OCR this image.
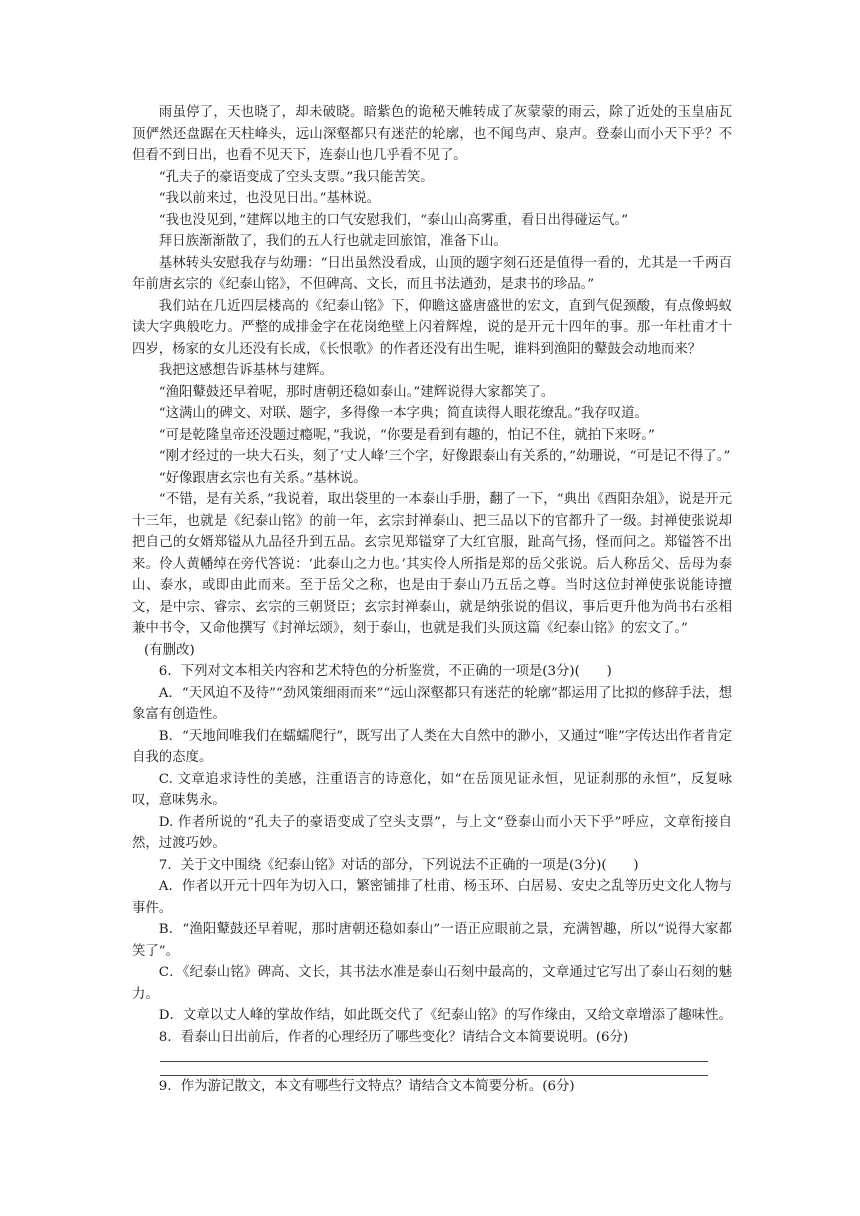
雨虽停了，天也晓了，却未破晓。暗紫色的诡秘天帷转成了灰蒙蒙的雨云，除了近处的玉皇庙瓦顶俨然还盘踞在天柱峰头，远山深壑都只有迷茫的轮廓，也不闻鸟声、泉声。登泰山而小天下乎？不但看不到日出，也看不见天下，连泰山也几乎看不见了。

“孔夫子的豪语变成了空头支票。”我只能苦笑。

“我以前来过，也没见日出。”基林说。

“我也没见到，”建辉以地主的口气安慰我们，“泰山山高雾重，看日出得碰运气。”

拜日族渐渐散了，我们的五人行也就走回旅馆，准备下山。

基林转头安慰我存与幼珊：“日出虽然没看成，山顶的题字刻石还是值得一看的，尤其是一千两百年前唐玄宗的《纪泰山铭》，不但碑高、文长，而且书法遒劲，是隶书的珍品。”

我们站在几近四层楼高的《纪泰山铭》下，仰瞻这盛唐盛世的宏文，直到气促颈酸，有点像蚂蚁读大字典般吃力。严整的成排金字在花岗绝壁上闪着辉煌，说的是开元十四年的事。那一年杜甫才十四岁，杨家的女儿还没有长成，《长恨歌》的作者还没有出生呢，谁料到渔阳的鼙鼓会动地而来？

我把这感想告诉基林与建辉。

“渔阳鼙鼓还早着呢，那时唐朝还稳如泰山。”建辉说得大家都笑了。

“这满山的碑文、对联、题字，多得像一本字典；简直读得人眼花缭乱。”我存叹道。

“可是乾隆皇帝还没题过瘾呢，”我说，“你要是看到有趣的，怕记不住，就拍下来呀。”

“刚才经过的一块大石头，刻了‘丈人峰’三个字，好像跟泰山有关系的，”幼珊说，“可是记不得了。”

“好像跟唐玄宗也有关系。”基林说。

“不错，是有关系，”我说着，取出袋里的一本泰山手册，翻了一下，“典出《酉阳杂俎》，说是开元十三年，也就是《纪泰山铭》的前一年，玄宗封禅泰山、把三品以下的官都升了一级。封禅使张说却把自己的女婿郑镒从九品径升到五品。玄宗见郑镒穿了大红官服，趾高气扬，怪而问之。郑镒答不出来。伶人黄幡绰在旁代答说：‘此泰山之力也。’其实伶人所指是郑的岳父张说。后人称岳父、岳母为泰山、泰水，或即由此而来。至于岳父之称，也是由于泰山乃五岳之尊。当时这位封禅使张说能诗擅文，是中宗、睿宗、玄宗的三朝贤臣；玄宗封禅泰山，就是纳张说的倡议，事后更升他为尚书右丞相兼中书令，又命他撰写《封禅坛颂》，刻于泰山，也就是我们头顶这篇《纪泰山铭》的宏文了。”

(有删改)

6．下列对文本相关内容和艺术特色的分析鉴赏，不正确的一项是(3分)(　　)

A．“天风迫不及待”“劲风策细雨而来”“远山深壑都只有迷茫的轮廓”都运用了比拟的修辞手法，想象富有创造性。

B．“天地间唯我们在蠕蠕爬行”，既写出了人类在大自然中的渺小，又通过“唯”字传达出作者肯定自我的态度。

C. 文章追求诗性的美感，注重语言的诗意化，如“在岳顶见证永恒，见证刹那的永恒”，反复咏叹，意味隽永。

D. 作者所说的“孔夫子的豪语变成了空头支票”，与上文“登泰山而小天下乎”呼应，文章衔接自然，过渡巧妙。

7．关于文中围绕《纪泰山铭》对话的部分，下列说法不正确的一项是(3分)(　　)

A．作者以开元十四年为切入口，繁密铺排了杜甫、杨玉环、白居易、安史之乱等历史文化人物与事件。

B．“渔阳鼙鼓还早着呢，那时唐朝还稳如泰山”一语正应眼前之景，充满智趣，所以“说得大家都笑了”。

C．《纪泰山铭》碑高、文长，其书法水准是泰山石刻中最高的，文章通过它写出了泰山石刻的魅力。

D．文章以丈人峰的掌故作结，如此既交代了《纪泰山铭》的写作缘由，又给文章增添了趣味性。

8．看泰山日出前后，作者的心理经历了哪些变化？请结合文本简要说明。(6分)

9．作为游记散文，本文有哪些行文特点？请结合文本简要分析。(6分)
